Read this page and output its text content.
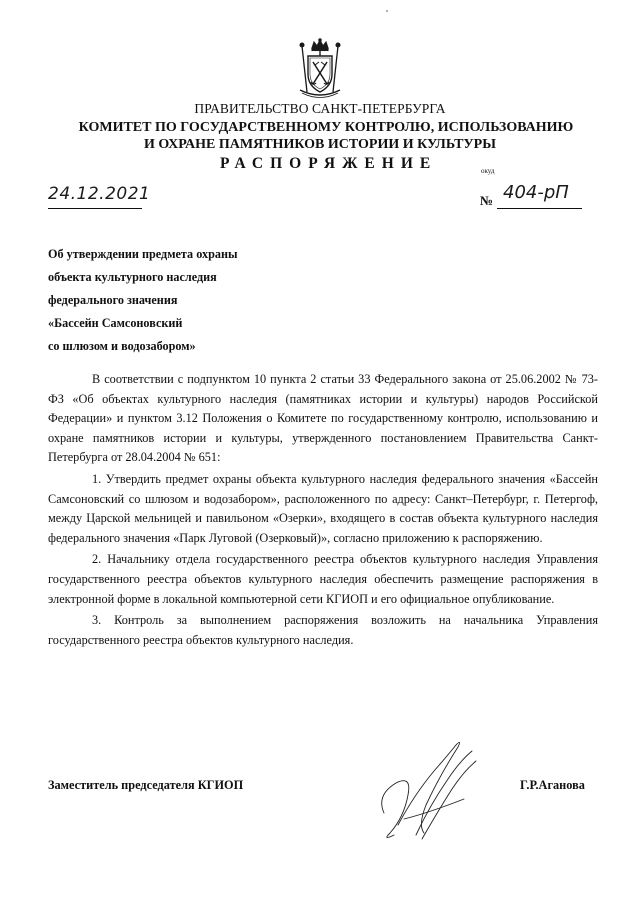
ПРАВИТЕЛЬСТВО САНКТ-ПЕТЕРБУРГА
КОМИТЕТ ПО ГОСУДАРСТВЕННОМУ КОНТРОЛЮ, ИСПОЛЬЗОВАНИЮ
И ОХРАНЕ ПАМЯТНИКОВ ИСТОРИИ И КУЛЬТУРЫ
РАСПОРЯЖЕНИЕ	окуд
24.12.2021	№ 404-рП
Об утверждении предмета охраны
объекта культурного наследия
федерального значения
«Бассейн Самсоновский
со шлюзом и водозабором»

В соответствии с подпунктом 10 пункта 2 статьи 33 Федерального закона от 25.06.2002 № 73-ФЗ «Об объектах культурного наследия (памятниках истории и культуры) народов Российской Федерации» и пунктом 3.12 Положения о Комитете по государственному контролю, использованию и охране памятников истории и культуры, утвержденного постановлением Правительства Санкт-Петербурга от 28.04.2004 № 651:

1. Утвердить предмет охраны объекта культурного наследия федерального значения «Бассейн Самсоновский со шлюзом и водозабором», расположенного по адресу: Санкт–Петербург, г. Петергоф, между Царской мельницей и павильоном «Озерки», входящего в состав объекта культурного наследия федерального значения «Парк Луговой (Озерковый)», согласно приложению к распоряжению.

2. Начальнику отдела государственного реестра объектов культурного наследия Управления государственного реестра объектов культурного наследия обеспечить размещение распоряжения в электронной форме в локальной компьютерной сети КГИОП и его официальное опубликование.

3. Контроль за выполнением распоряжения возложить на начальника Управления государственного реестра объектов культурного наследия.

Заместитель председателя КГИОП	Г.Р.Аганова
